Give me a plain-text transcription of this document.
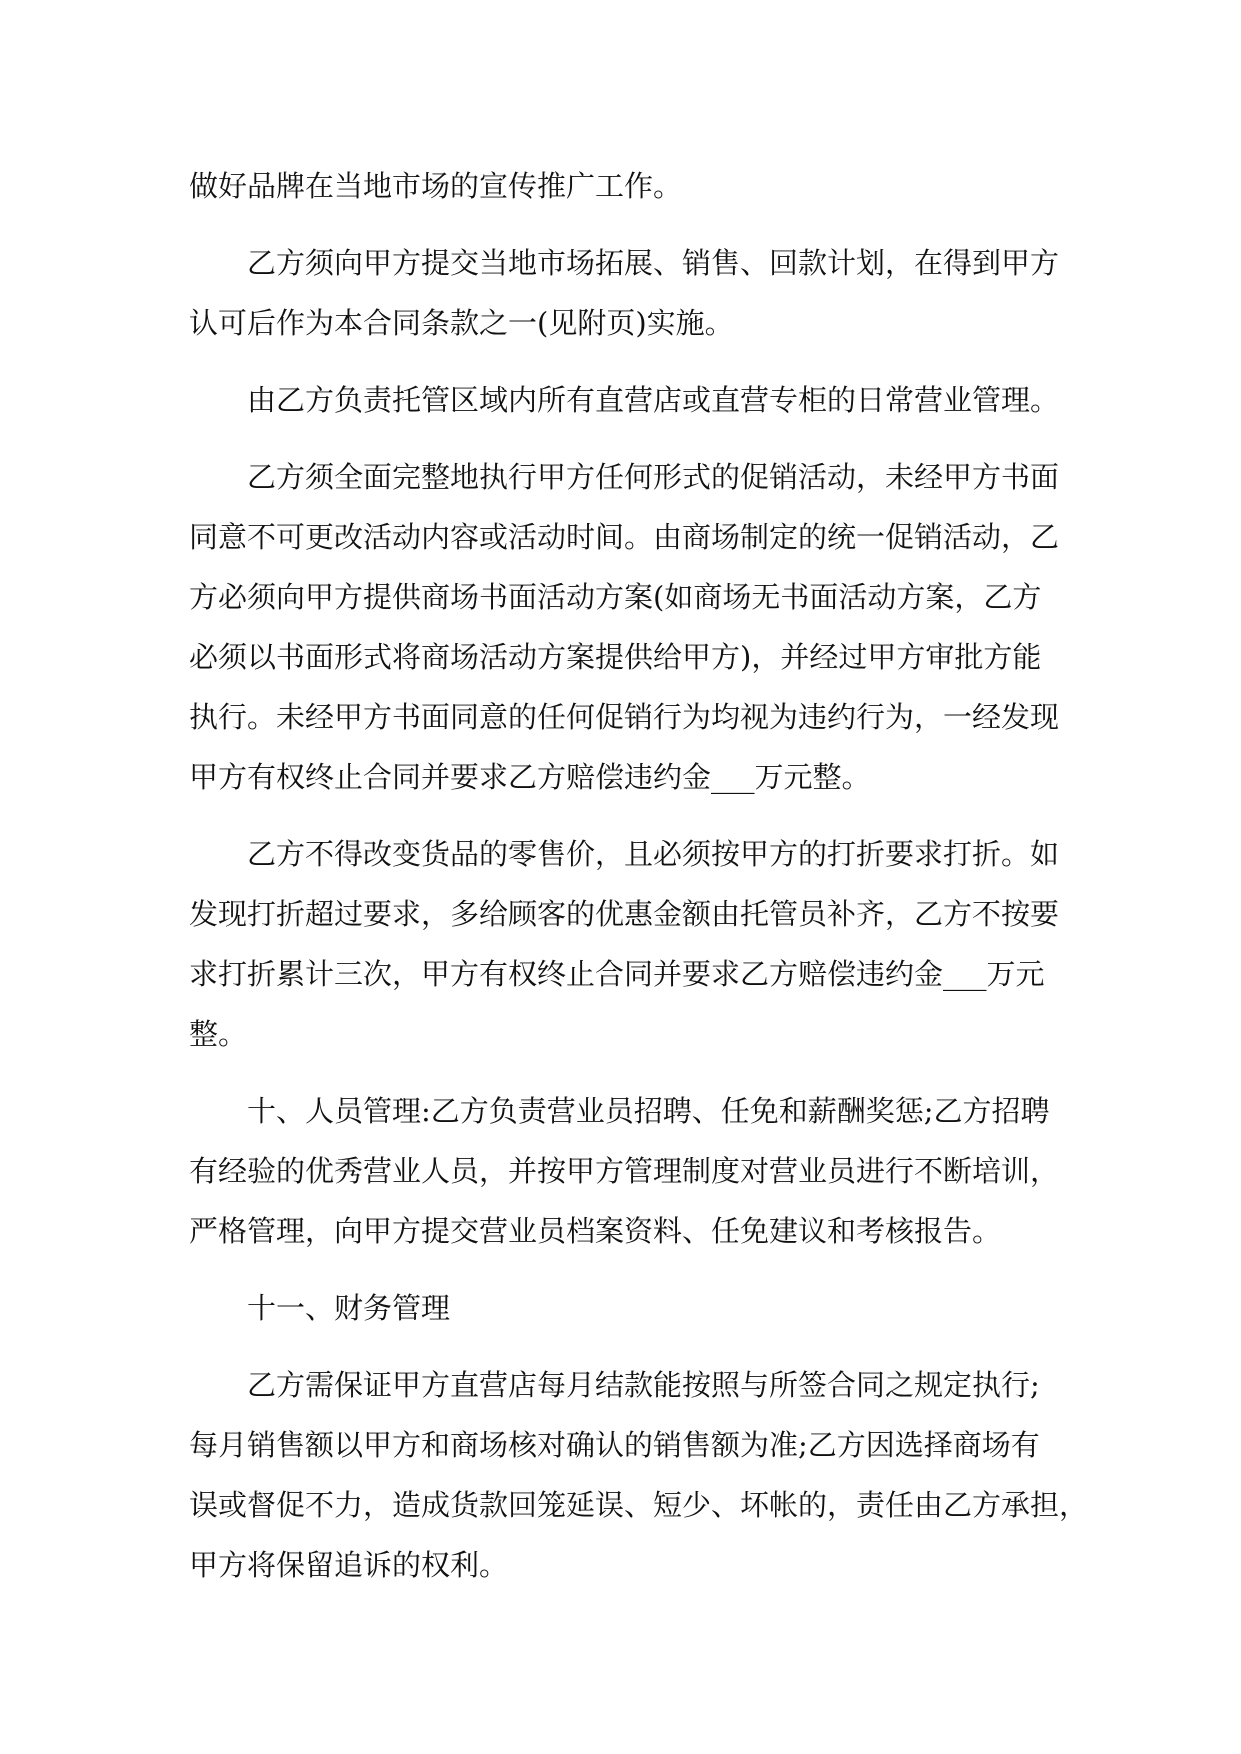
做好品牌在当地市场的宣传推广工作。

乙方须向甲方提交当地市场拓展、销售、回款计划，在得到甲方
认可后作为本合同条款之一(见附页)实施。

由乙方负责托管区域内所有直营店或直营专柜的日常营业管理。

乙方须全面完整地执行甲方任何形式的促销活动，未经甲方书面
同意不可更改活动内容或活动时间。由商场制定的统一促销活动，乙
方必须向甲方提供商场书面活动方案(如商场无书面活动方案，乙方
必须以书面形式将商场活动方案提供给甲方)，并经过甲方审批方能
执行。未经甲方书面同意的任何促销行为均视为违约行为，一经发现
甲方有权终止合同并要求乙方赔偿违约金___万元整。

乙方不得改变货品的零售价，且必须按甲方的打折要求打折。如
发现打折超过要求，多给顾客的优惠金额由托管员补齐，乙方不按要
求打折累计三次，甲方有权终止合同并要求乙方赔偿违约金___万元
整。

十、人员管理:乙方负责营业员招聘、任免和薪酬奖惩;乙方招聘
有经验的优秀营业人员，并按甲方管理制度对营业员进行不断培训，
严格管理，向甲方提交营业员档案资料、任免建议和考核报告。

十一、财务管理

乙方需保证甲方直营店每月结款能按照与所签合同之规定执行;
每月销售额以甲方和商场核对确认的销售额为准;乙方因选择商场有
误或督促不力，造成货款回笼延误、短少、坏帐的，责任由乙方承担，
甲方将保留追诉的权利。
